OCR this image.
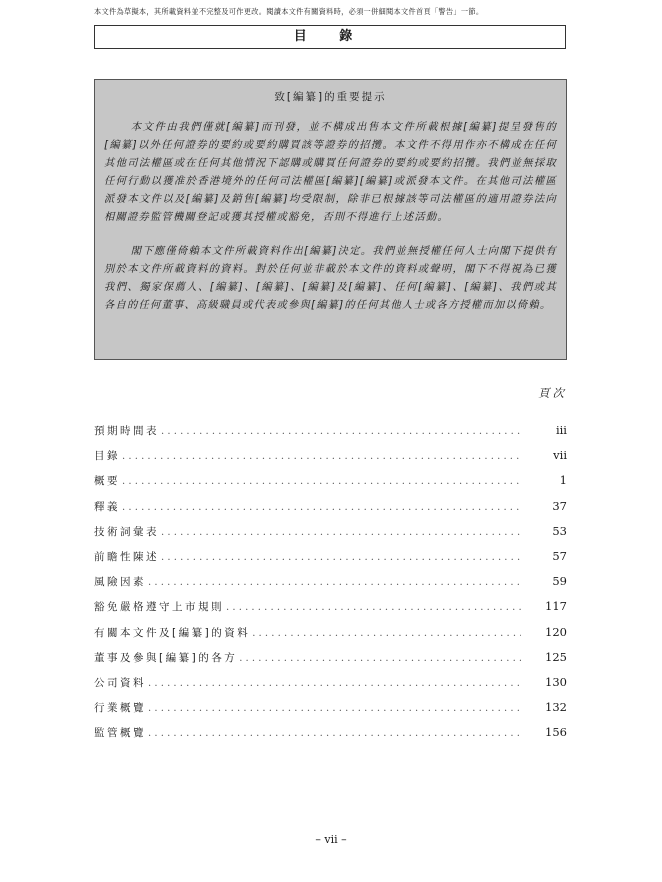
本文件為草擬本，其所載資料並不完整及可作更改。閱讀本文件有關資料時，必須一併細閱本文件首頁「警告」一節。
目 錄
致[編纂]的重要提示

本文件由我們僅就[編纂]而刊發，並不構成出售本文件所載根據[編纂]提呈發售的[編纂]以外任何證券的要約或要約購買該等證券的招攬。本文件不得用作亦不構成在任何其他司法權區或在任何其他情況下認購或購買任何證券的要約或要約招攬。我們並無採取任何行動以獲准於香港境外的任何司法權區[編纂][編纂]或派發本文件。在其他司法權區派發本文件以及[編纂]及銷售[編纂]均受限制，除非已根據該等司法權區的適用證券法向相關證券監管機關登記或獲其授權或豁免，否則不得進行上述活動。

閣下應僅倚賴本文件所載資料作出[編纂]決定。我們並無授權任何人士向閣下提供有別於本文件所載資料的資料。對於任何並非載於本文件的資料或聲明，閣下不得視為已獲我們、獨家保薦人、[編纂]、[編纂]、[編纂]及[編纂]、任何[編纂]、[編纂]、我們或其各自的任何董事、高級職員或代表或參與[編纂]的任何其他人士或各方授權而加以倚賴。

頁次
預期時間表 . . .	iii
目錄 . . .	vii
概要 . . .	1
釋義 . . .	37
技術詞彙表 . . .	53
前瞻性陳述 . . .	57
風險因素 . . .	59
豁免嚴格遵守上市規則 . . .	117
有關本文件及[編纂]的資料 . . .	120
董事及參與[編纂]的各方 . . .	125
公司資料 . . .	130
行業概覽 . . .	132
監管概覽 . . .	156
– vii –
